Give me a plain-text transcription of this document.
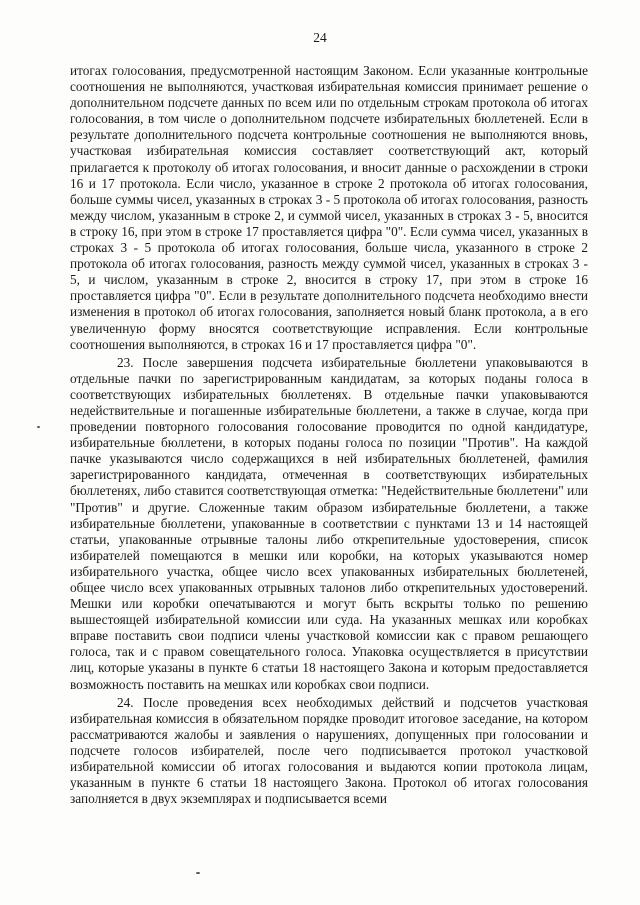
24

итогах голосования, предусмотренной настоящим Законом. Если указанные контрольные соотношения не выполняются, участковая избирательная комиссия принимает решение о дополнительном подсчете данных по всем или по отдельным строкам протокола об итогах голосования, в том числе о дополнительном подсчете избирательных бюллетеней. Если в результате дополнительного подсчета контрольные соотношения не выполняются вновь, участковая избирательная комиссия составляет соответствующий акт, который прилагается к протоколу об итогах голосования, и вносит данные о расхождении в строки 16 и 17 протокола. Если число, указанное в строке 2 протокола об итогах голосования, больше суммы чисел, указанных в строках 3 - 5 протокола об итогах голосования, разность между числом, указанным в строке 2, и суммой чисел, указанных в строках 3 - 5, вносится в строку 16, при этом в строке 17 проставляется цифра "0". Если сумма чисел, указанных в строках 3 - 5 протокола об итогах голосования, больше числа, указанного в строке 2 протокола об итогах голосования, разность между суммой чисел, указанных в строках 3 - 5, и числом, указанным в строке 2, вносится в строку 17, при этом в строке 16 проставляется цифра "0". Если в результате дополнительного подсчета необходимо внести изменения в протокол об итогах голосования, заполняется новый бланк протокола, а в его увеличенную форму вносятся соответствующие исправления. Если контрольные соотношения выполняются, в строках 16 и 17 проставляется цифра "0".

23. После завершения подсчета избирательные бюллетени упаковываются в отдельные пачки по зарегистрированным кандидатам, за которых поданы голоса в соответствующих избирательных бюллетенях. В отдельные пачки упаковываются недействительные и погашенные избирательные бюллетени, а также в случае, когда при проведении повторного голосования голосование проводится по одной кандидатуре, избирательные бюллетени, в которых поданы голоса по позиции "Против". На каждой пачке указываются число содержащихся в ней избирательных бюллетеней, фамилия зарегистрированного кандидата, отмеченная в соответствующих избирательных бюллетенях, либо ставится соответствующая отметка: "Недействительные бюллетени" или "Против" и другие. Сложенные таким образом избирательные бюллетени, а также избирательные бюллетени, упакованные в соответствии с пунктами 13 и 14 настоящей статьи, упакованные отрывные талоны либо открепительные удостоверения, список избирателей помещаются в мешки или коробки, на которых указываются номер избирательного участка, общее число всех упакованных избирательных бюллетеней, общее число всех упакованных отрывных талонов либо открепительных удостоверений. Мешки или коробки опечатываются и могут быть вскрыты только по решению вышестоящей избирательной комиссии или суда. На указанных мешках или коробках вправе поставить свои подписи члены участковой комиссии как с правом решающего голоса, так и с правом совещательного голоса. Упаковка осуществляется в присутствии лиц, которые указаны в пункте 6 статьи 18 настоящего Закона и которым предоставляется возможность поставить на мешках или коробках свои подписи.

24. После проведения всех необходимых действий и подсчетов участковая избирательная комиссия в обязательном порядке проводит итоговое заседание, на котором рассматриваются жалобы и заявления о нарушениях, допущенных при голосовании и подсчете голосов избирателей, после чего подписывается протокол участковой избирательной комиссии об итогах голосования и выдаются копии протокола лицам, указанным в пункте 6 статьи 18 настоящего Закона. Протокол об итогах голосования заполняется в двух экземплярах и подписывается всеми
